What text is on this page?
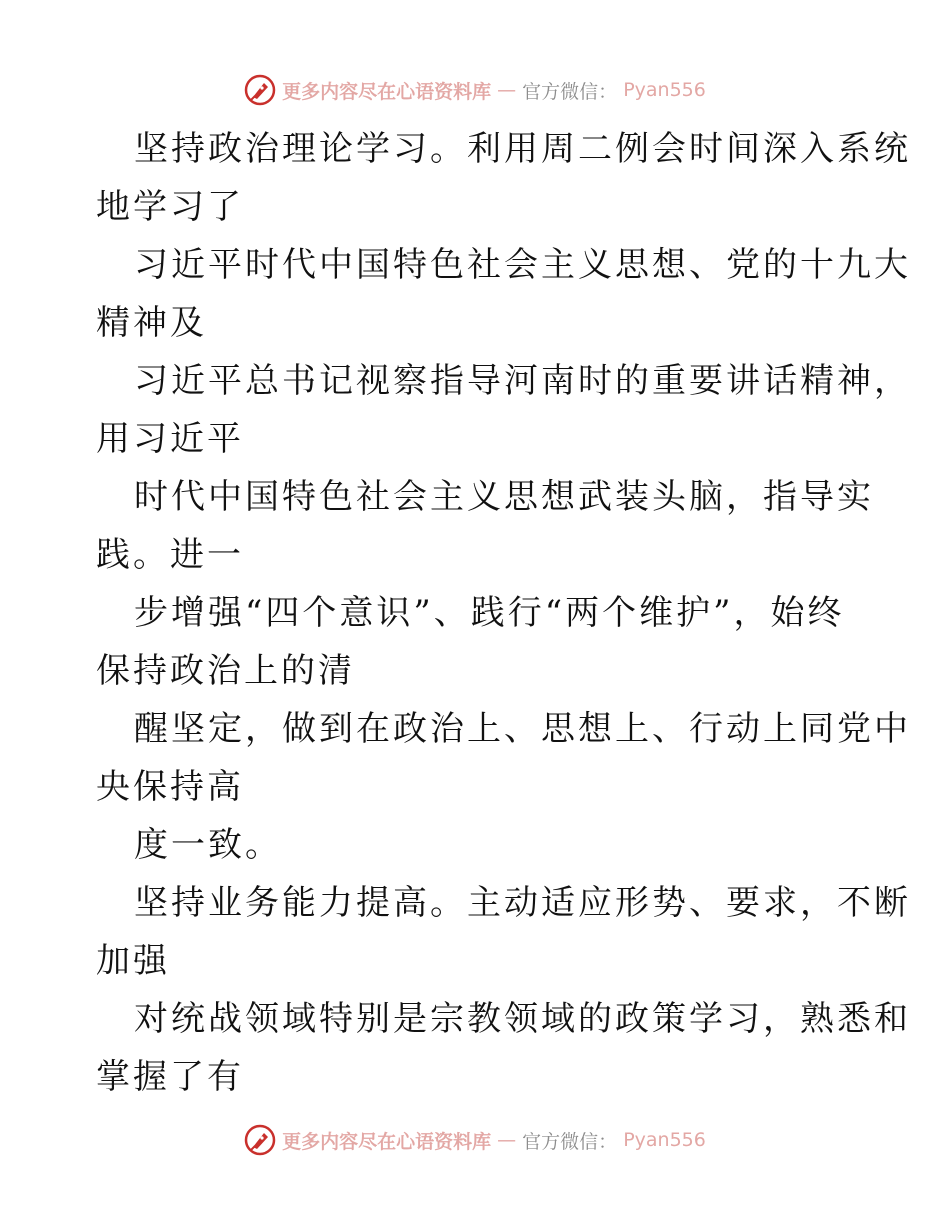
更多内容尽在心语资料库 — 官方微信： Pyan556
坚持政治理论学习。利用周二例会时间深入系统
地学习了
习近平时代中国特色社会主义思想、党的十九大
精神及
习近平总书记视察指导河南时的重要讲话精神，
用习近平
时代中国特色社会主义思想武装头脑，指导实
践。进一
步增强“四个意识”、践行“两个维护”，始终
保持政治上的清
醒坚定，做到在政治上、思想上、行动上同党中
央保持高
度一致。
坚持业务能力提高。主动适应形势、要求，不断
加强
对统战领域特别是宗教领域的政策学习，熟悉和
掌握了有
更多内容尽在心语资料库 — 官方微信： Pyan556
